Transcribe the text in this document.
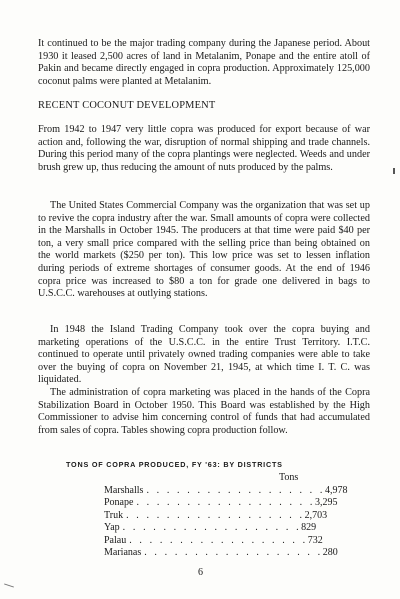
It continued to be the major trading company during the Japanese period. About 1930 it leased 2,500 acres of land in Metalanim, Ponape and the entire atoll of Pakin and became directly engaged in copra production. Approximately 125,000 coconut palms were planted at Metalanim.

RECENT COCONUT DEVELOPMENT

From 1942 to 1947 very little copra was produced for export because of war action and, following the war, disruption of normal shipping and trade channels. During this period many of the copra plantings were neglected. Weeds and under brush grew up, thus reducing the amount of nuts produced by the palms.

The United States Commercial Company was the organization that was set up to revive the copra industry after the war. Small amounts of copra were collected in the Marshalls in October 1945. The producers at that time were paid $40 per ton, a very small price compared with the selling price than being obtained on the world markets ($250 per ton). This low price was set to lessen inflation during periods of extreme shortages of consumer goods. At the end of 1946 copra price was increased to $80 a ton for grade one delivered in bags to U.S.C.C. warehouses at outlying stations.

In 1948 the Island Trading Company took over the copra buying and marketing operations of the U.S.C.C. in the entire Trust Territory. I.T.C. continued to operate until privately owned trading companies were able to take over the buying of copra on November 21, 1945, at which time I. T. C. was liquidated.

The administration of copra marketing was placed in the hands of the Copra Stabilization Board in October 1950. This Board was established by the High Commissioner to advise him concerning control of funds that had accumulated from sales of copra. Tables showing copra production follow.

TONS OF COPRA PRODUCED, FY '63: BY DISTRICTS

Tons

Marshalls . . . . . . . . . . . . . . . . . . 4,978
Ponape . . . . . . . . . . . . . . . . . . 3,295
Truk . . . . . . . . . . . . . . . . . . 2,703
Yap . . . . . . . . . . . . . . . . . . 829
Palau . . . . . . . . . . . . . . . . . . 732
Marianas . . . . . . . . . . . . . . . . . . 280

6
